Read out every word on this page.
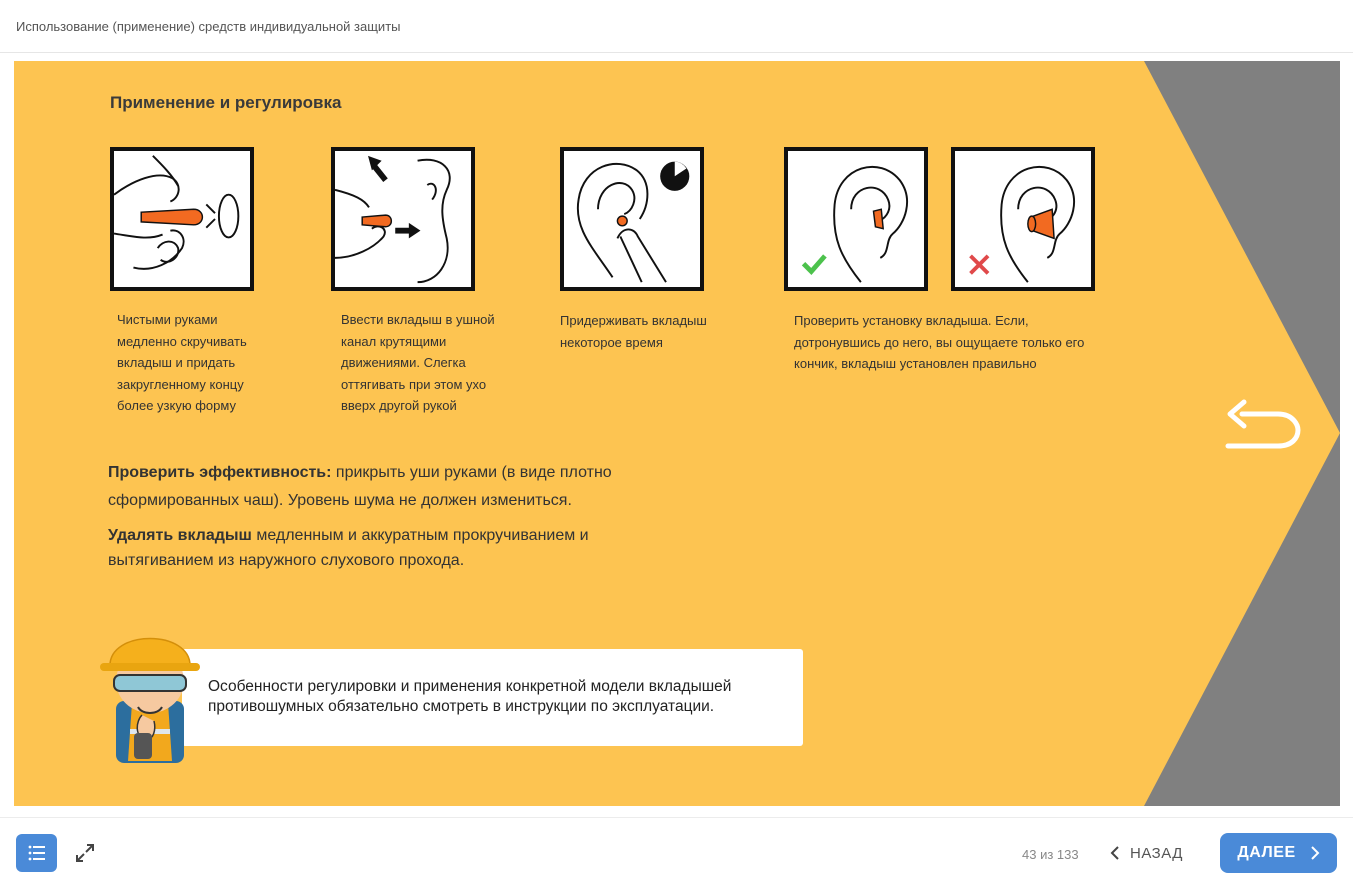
Использование (применение) средств индивидуальной защиты
Применение и регулировка
Чистыми руками медленно скручивать вкладыш и придать закругленному концу более узкую форму
Ввести вкладыш в ушной канал крутящими движениями. Слегка оттягивать при этом ухо вверх другой рукой
Придерживать вкладыш некоторое время
Проверить установку вкладыша. Если, дотронувшись до него, вы ощущаете только его кончик, вкладыш установлен правильно
Проверить эффективность: прикрыть уши руками (в виде плотно сформированных чаш). Уровень шума не должен измениться.
Удалять вкладыш медленным и аккуратным прокручиванием и вытягиванием из наружного слухового прохода.
Особенности регулировки и применения конкретной модели вкладышей противошумных обязательно смотреть в инструкции по эксплуатации.
43 из 133	НАЗАД	ДАЛЕЕ
